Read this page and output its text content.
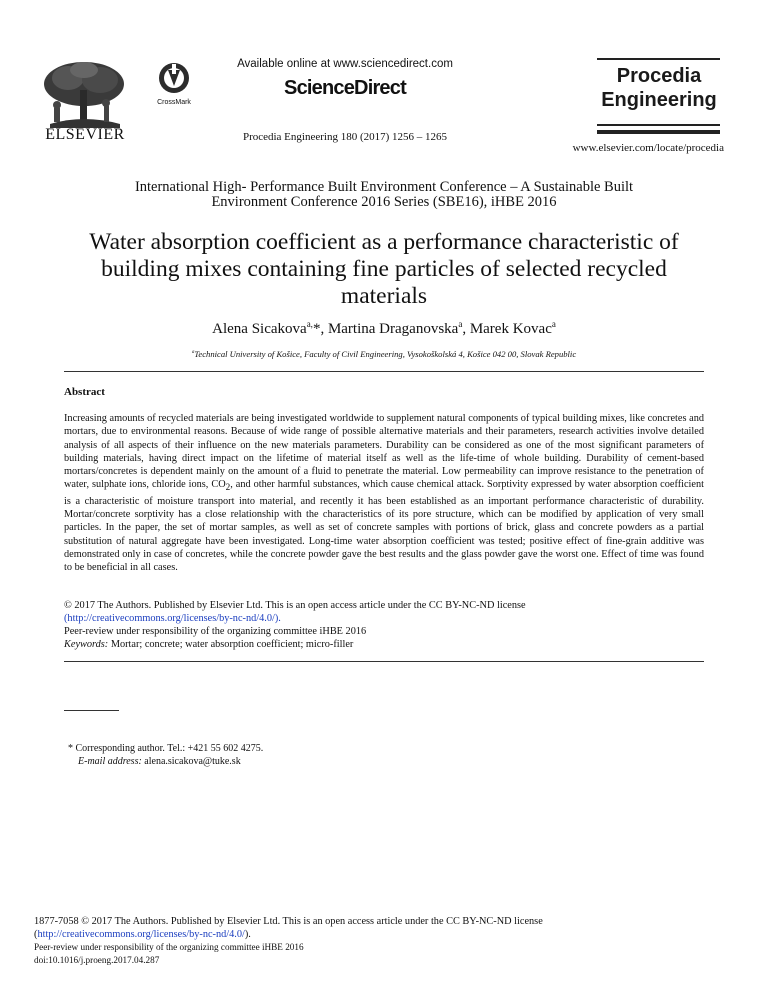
ELSEVIER
CrossMark
Available online at www.sciencedirect.com
ScienceDirect
Procedia Engineering 180 (2017) 1256 – 1265
Procedia
Engineering
www.elsevier.com/locate/procedia
International High- Performance Built Environment Conference – A Sustainable Built
Environment Conference 2016 Series (SBE16), iHBE 2016
Water absorption coefficient as a performance characteristic of
building mixes containing fine particles of selected recycled
materials
Alena Sicakova$^{a,}$*, Martina Draganovska$^a$, Marek Kovac$^a$
$^a$Technical University of Košice, Faculty of Civil Engineering, Vysokoškolská 4, Košice 042 00, Slovak Republic
Abstract
Increasing amounts of recycled materials are being investigated worldwide to supplement natural components of typical building mixes, like concretes and mortars, due to environmental reasons. Because of wide range of possible alternative materials and their parameters, research activities involve detailed analysis of all aspects of their influence on the new materials parameters. Durability can be considered as one of the most significant parameters of building materials, having direct impact on the lifetime of material itself as well as the life-time of whole building. Durability of cement-based mortars/concretes is dependent mainly on the amount of a fluid to penetrate the material. Low permeability can improve resistance to the penetration of water, sulphate ions, chloride ions, $CO_2$, and other harmful substances, which cause chemical attack. Sorptivity expressed by water absorption coefficient is a characteristic of moisture transport into material, and recently it has been established as an important performance characteristic of durability. Mortar/concrete sorptivity has a close relationship with the characteristics of its pore structure, which can be modified by application of very small particles. In the paper, the set of mortar samples, as well as set of concrete samples with portions of brick, glass and concrete powders as a partial substitution of natural aggregate have been investigated. Long-time water absorption coefficient was tested; positive effect of fine-grain additive was demonstrated only in case of concretes, while the concrete powder gave the best results and the glass powder gave the worst one. Effect of time was found to be beneficial in all cases.
© 2017 The Authors. Published by Elsevier Ltd. This is an open access article under the CC BY-NC-ND license
(http://creativecommons.org/licenses/by-nc-nd/4.0/).
Peer-review under responsibility of the organizing committee iHBE 2016
Keywords: Mortar; concrete; water absorption coefficient; micro-filler
* Corresponding author. Tel.: +421 55 602 4275.
E-mail address: alena.sicakova@tuke.sk
1877-7058 © 2017 The Authors. Published by Elsevier Ltd. This is an open access article under the CC BY-NC-ND license
(http://creativecommons.org/licenses/by-nc-nd/4.0/).
Peer-review under responsibility of the organizing committee iHBE 2016
doi:10.1016/j.proeng.2017.04.287
